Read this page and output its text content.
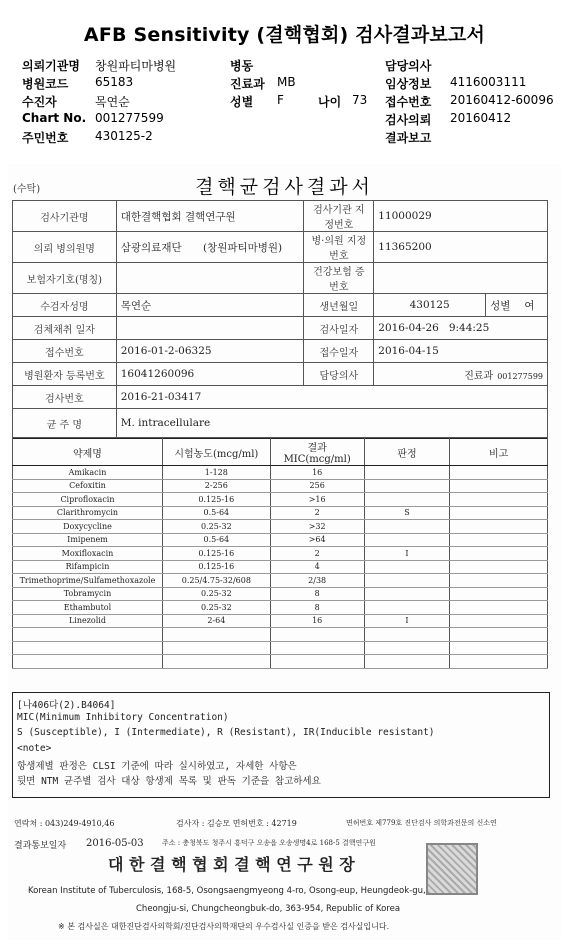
AFB Sensitivity (결핵협회) 검사결과보고서
의뢰기관명 창원파티마병원	병동	담당의사
병원코드 65183	진료과 MB	임상정보 4116003111
수진자	목연순	성별 F	나이 73 접수번호 20160412-60096
Chart No. 001277599	검사의뢰 20160412
주민번호 430125-2	결과보고
(수탁)	결핵균검사결과서
검사기관명	대한결핵협회 결핵연구원	검사기관 지정번호	11000029	
의뢰 병의원명	삼광의료재단 (창원파티마병원)	병·의원 지정번호	11365200	
보험자기호(명칭)		건강보험 증 번호		
수검자성명	목연순	생년월일	430125	성별 여
검체채취 일자		검사일자	2016-04-26 9:44:25	
접수번호	2016-01-2-06325	접수일자	2016-04-15	
병원환자 등록번호	16041260096	담당의사	진료과 001277599	
검사번호	2016-21-03417			
균 주 명	M. intracellulare			
약제명	시험농도(mcg/ml)	결과 MIC(mcg/ml)	판정	비고
Amikacin	1-128	16		
Cefoxitin	2-256	256		
Ciprofloxacin	0.125-16	>16		
Clarithromycin	0.5-64	2	S	
Doxycycline	0.25-32	>32		
Imipenem	0.5-64	>64		
Moxifloxacin	0.125-16	2	I	
Rifampicin	0.125-16	4		
Trimethoprime/Sulfamethoxazole	0.25/4.75-32/608	2/38		
Tobramycin	0.25-32	8		
Ethambutol	0.25-32	8		
Linezolid	2-64	16	I	

[나406다(2).B4064]
MIC(Minimum Inhibitory Concentration)
S (Susceptible), I (Intermediate), R (Resistant), IR(Inducible resistant)
<note>
항생제별 판정은 CLSI 기준에 따라 실시하였고, 자세한 사항은
뒷면 NTM 균주별 검사 대상 항생제 목록 및 판독 기준을 참고하세요
연락처 : 043)249-4910,46	검사자 : 김승모 면허번호 : 42719	면허번호 제779호 진단검사 의학과전문의 신소연
결과통보일자 2016-05-03	주소 : 충청북도 청주시 흥덕구 오송읍 오송생명4로 168-5 결핵연구원
대 한 결 핵 협 회 결 핵 연 구 원 장
Korean Institute of Tuberculosis, 168-5, Osongsaengmyeong 4-ro, Osong-eup, Heungdeok-gu,
Cheongju-si, Chungcheongbuk-do, 363-954, Republic of Korea
※ 본 검사실은 대한진단검사의학회/진단검사의학재단의 우수검사실 인증을 받은 검사실입니다.
